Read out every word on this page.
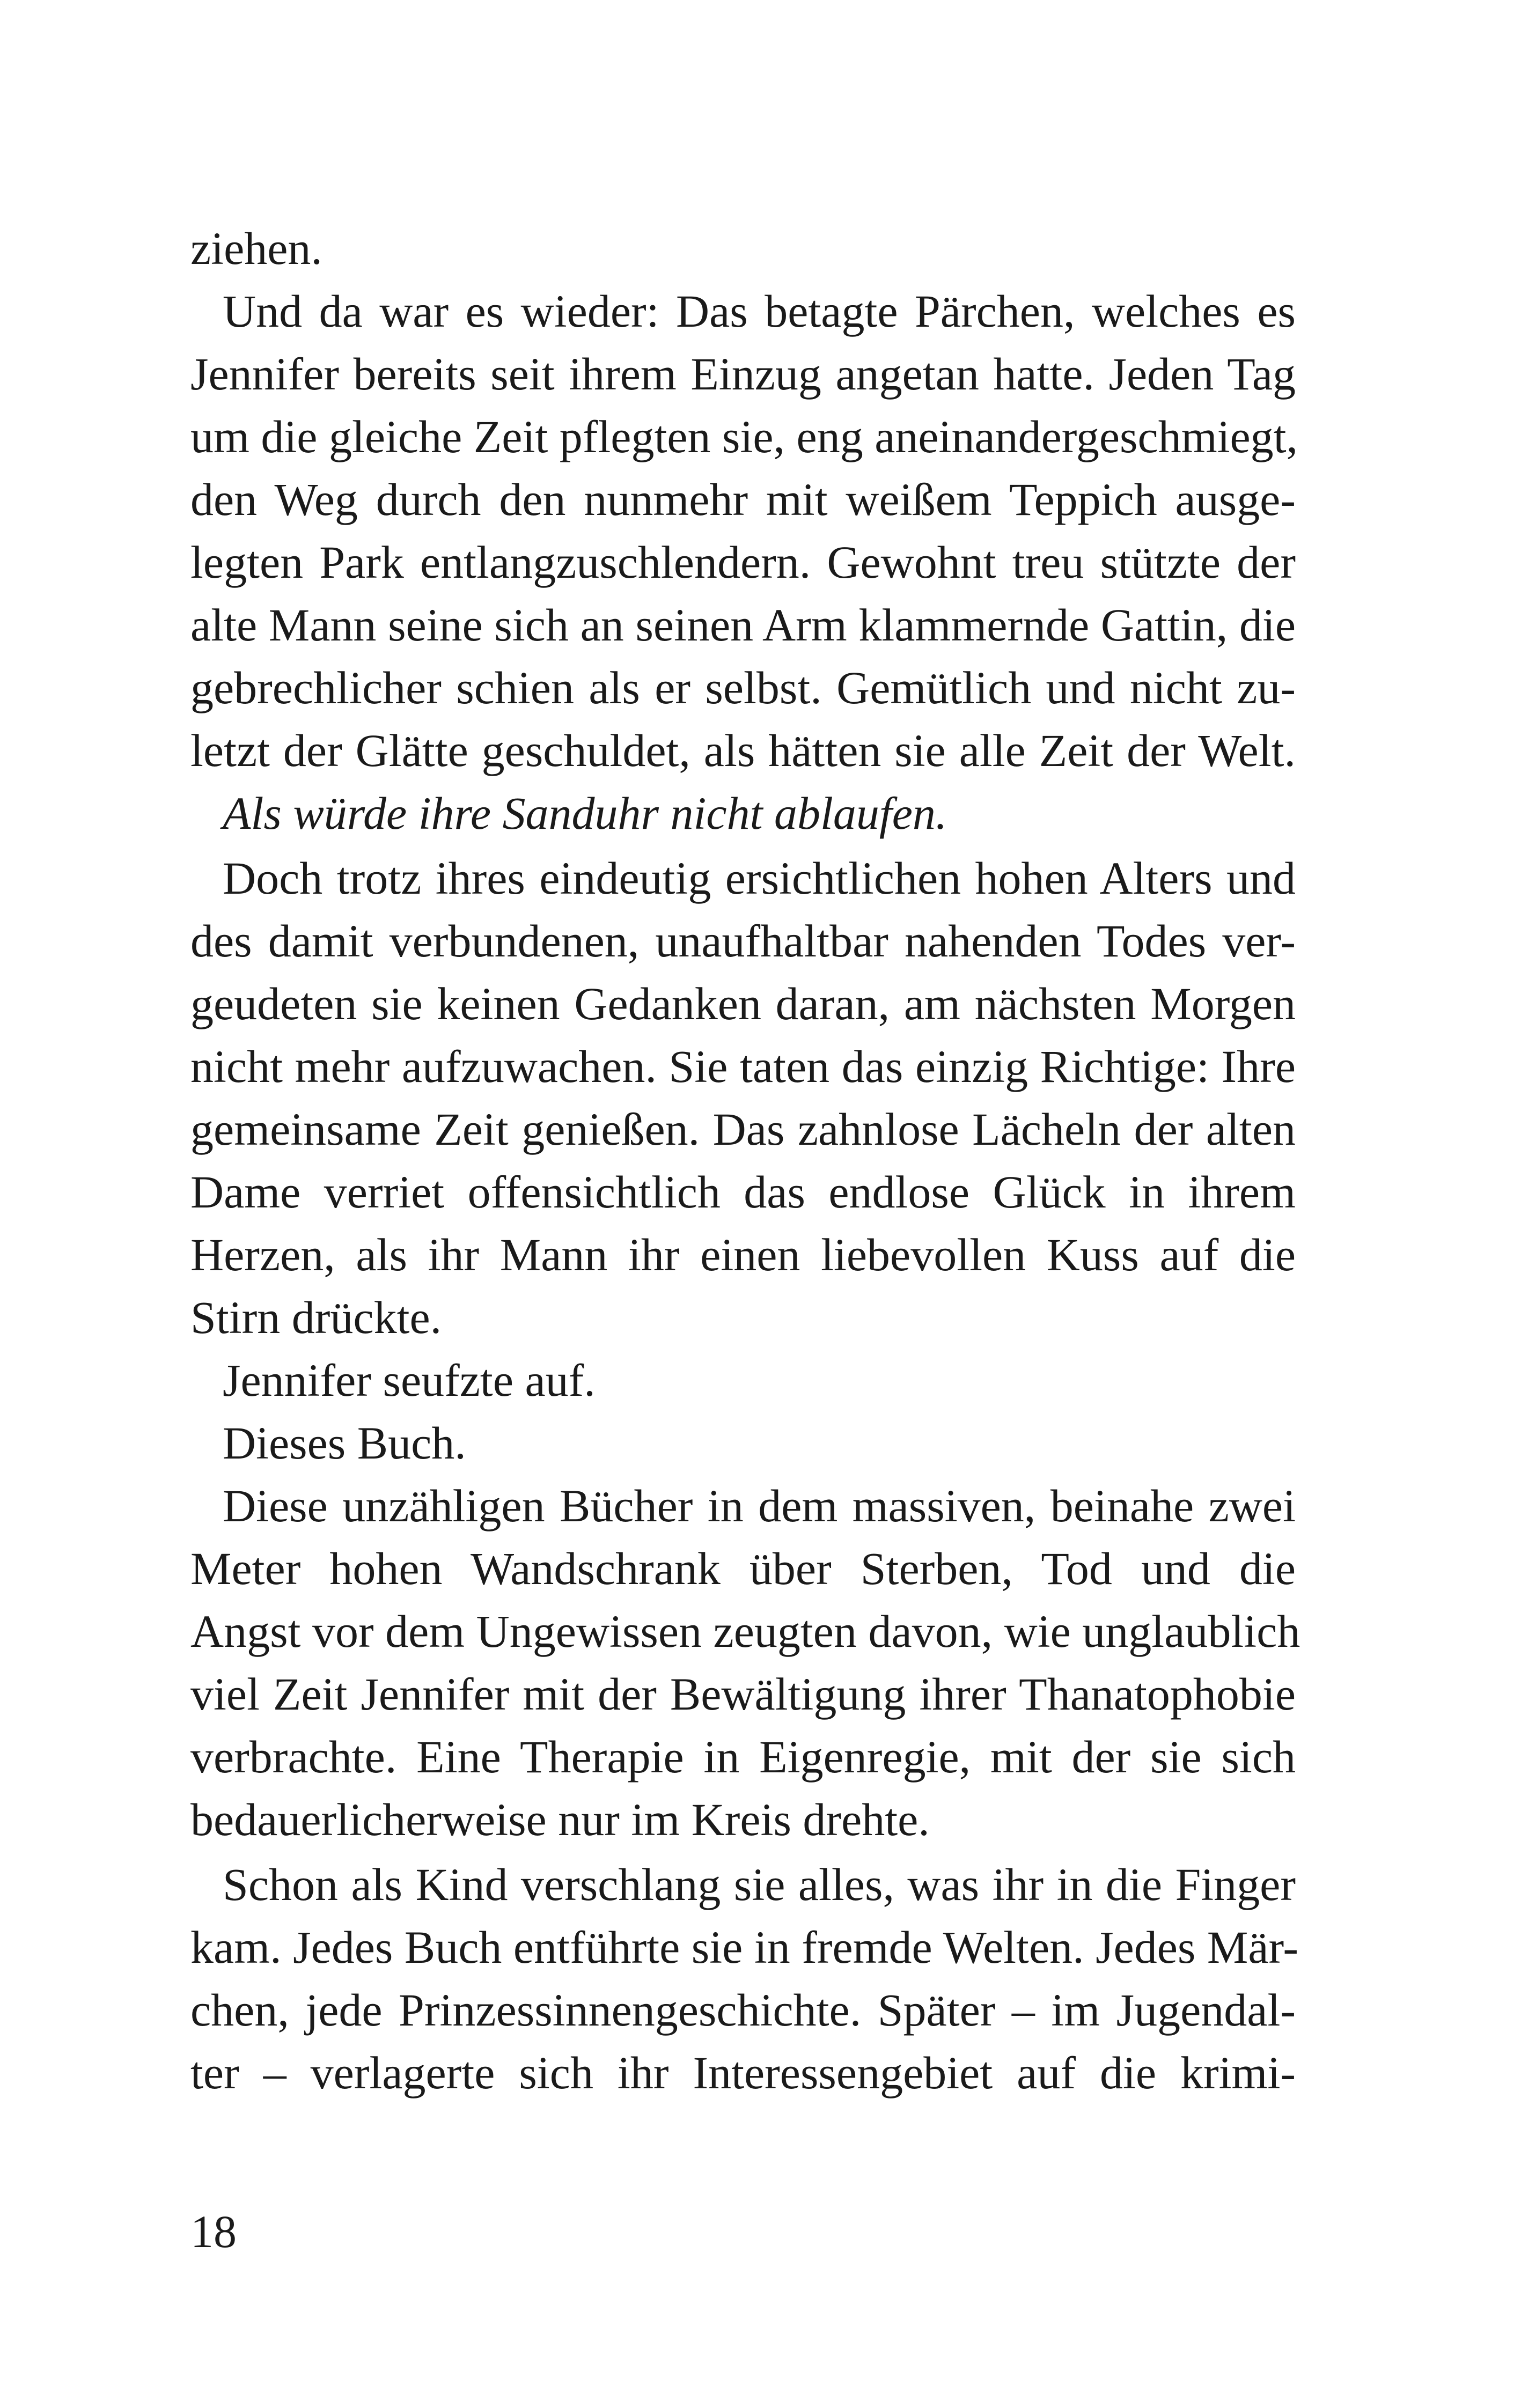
ziehen.
Und da war es wieder: Das betagte Pärchen, welches es
Jennifer bereits seit ihrem Einzug angetan hatte. Jeden Tag
um die gleiche Zeit pflegten sie, eng aneinandergeschmiegt,
den Weg durch den nunmehr mit weißem Teppich ausge-
legten Park entlangzuschlendern. Gewohnt treu stützte der
alte Mann seine sich an seinen Arm klammernde Gattin, die
gebrechlicher schien als er selbst. Gemütlich und nicht zu-
letzt der Glätte geschuldet, als hätten sie alle Zeit der Welt.
Als würde ihre Sanduhr nicht ablaufen.
Doch trotz ihres eindeutig ersichtlichen hohen Alters und
des damit verbundenen, unaufhaltbar nahenden Todes ver-
geudeten sie keinen Gedanken daran, am nächsten Morgen
nicht mehr aufzuwachen. Sie taten das einzig Richtige: Ihre
gemeinsame Zeit genießen. Das zahnlose Lächeln der alten
Dame verriet offensichtlich das endlose Glück in ihrem
Herzen, als ihr Mann ihr einen liebevollen Kuss auf die
Stirn drückte.
Jennifer seufzte auf.
Dieses Buch.
Diese unzähligen Bücher in dem massiven, beinahe zwei
Meter hohen Wandschrank über Sterben, Tod und die
Angst vor dem Ungewissen zeugten davon, wie unglaublich
viel Zeit Jennifer mit der Bewältigung ihrer Thanatophobie
verbrachte. Eine Therapie in Eigenregie, mit der sie sich
bedauerlicherweise nur im Kreis drehte.
Schon als Kind verschlang sie alles, was ihr in die Finger
kam. Jedes Buch entführte sie in fremde Welten. Jedes Mär-
chen, jede Prinzessinnengeschichte. Später – im Jugendal-
ter – verlagerte sich ihr Interessengebiet auf die krimi-
18
